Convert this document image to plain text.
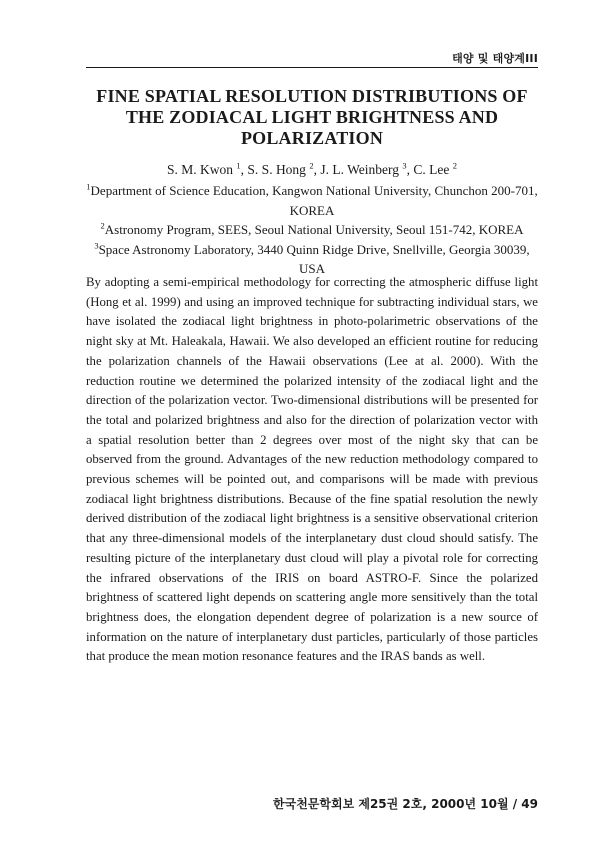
태양 및 태양계III
FINE SPATIAL RESOLUTION DISTRIBUTIONS OF
THE ZODIACAL LIGHT BRIGHTNESS AND
POLARIZATION
S. M. Kwon $^1$, S. S. Hong $^2$, J. L. Weinberg $^3$, C. Lee $^2$
$^1$Department of Science Education, Kangwon National University, Chunchon 200-701,
KOREA
$^2$Astronomy Program, SEES, Seoul National University, Seoul 151-742, KOREA
$^3$Space Astronomy Laboratory, 3440 Quinn Ridge Drive, Snellville, Georgia 30039, USA
By adopting a semi-empirical methodology for correcting the atmospheric diffuse light
(Hong et al. 1999) and using an improved technique for subtracting individual stars, we
have isolated the zodiacal light brightness in photo-polarimetric observations of the
night sky at Mt. Haleakala, Hawaii. We also developed an efficient routine for reducing
the polarization channels of the Hawaii observations (Lee at al. 2000). With the
reduction routine we determined the polarized intensity of the zodiacal light and the
direction of the polarization vector. Two-dimensional distributions will be presented for
the total and polarized brightness and also for the direction of polarization vector with
a spatial resolution better than 2 degrees over most of the night sky that can be
observed from the ground. Advantages of the new reduction methodology compared to
previous schemes will be pointed out, and comparisons will be made with previous
zodiacal light brightness distributions. Because of the fine spatial resolution the newly
derived distribution of the zodiacal light brightness is a sensitive observational criterion
that any three-dimensional models of the interplanetary dust cloud should satisfy. The
resulting picture of the interplanetary dust cloud will play a pivotal role for correcting
the infrared observations of the IRIS on board ASTRO-F. Since the polarized
brightness of scattered light depends on scattering angle more sensitively than the total
brightness does, the elongation dependent degree of polarization is a new source of
information on the nature of interplanetary dust particles, particularly of those particles
that produce the mean motion resonance features and the IRAS bands as well.
한국천문학회보 제25권 2호, 2000년 10월 / 49
